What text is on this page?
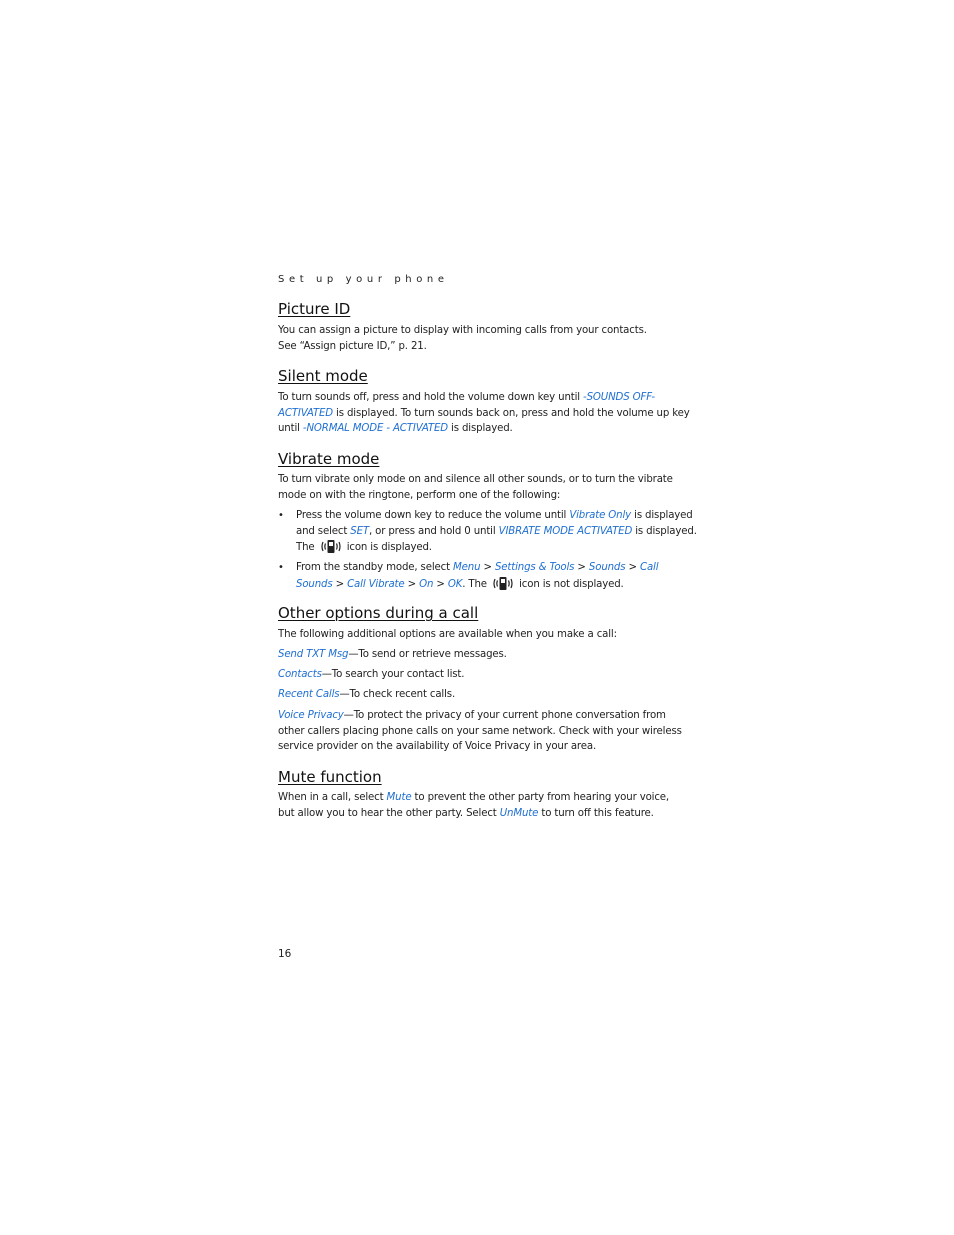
Set up your phone
Picture ID
You can assign a picture to display with incoming calls from your contacts.
See “Assign picture ID,” p. 21.
Silent mode
To turn sounds off, press and hold the volume down key until -SOUNDS OFF-
ACTIVATED is displayed. To turn sounds back on, press and hold the volume up key
until -NORMAL MODE - ACTIVATED is displayed.
Vibrate mode
To turn vibrate only mode on and silence all other sounds, or to turn the vibrate
mode on with the ringtone, perform one of the following:
•	Press the volume down key to reduce the volume until Vibrate Only is displayed
and select SET, or press and hold 0 until VIBRATE MODE ACTIVATED is displayed.
The	icon is displayed.
•	From the standby mode, select Menu > Settings & Tools > Sounds > Call
Sounds > Call Vibrate > On > OK. The	icon is not displayed.
Other options during a call
The following additional options are available when you make a call:
Send TXT Msg—To send or retrieve messages.
Contacts—To search your contact list.
Recent Calls—To check recent calls.
Voice Privacy—To protect the privacy of your current phone conversation from
other callers placing phone calls on your same network. Check with your wireless
service provider on the availability of Voice Privacy in your area.
Mute function
When in a call, select Mute to prevent the other party from hearing your voice,
but allow you to hear the other party. Select UnMute to turn off this feature.
16
